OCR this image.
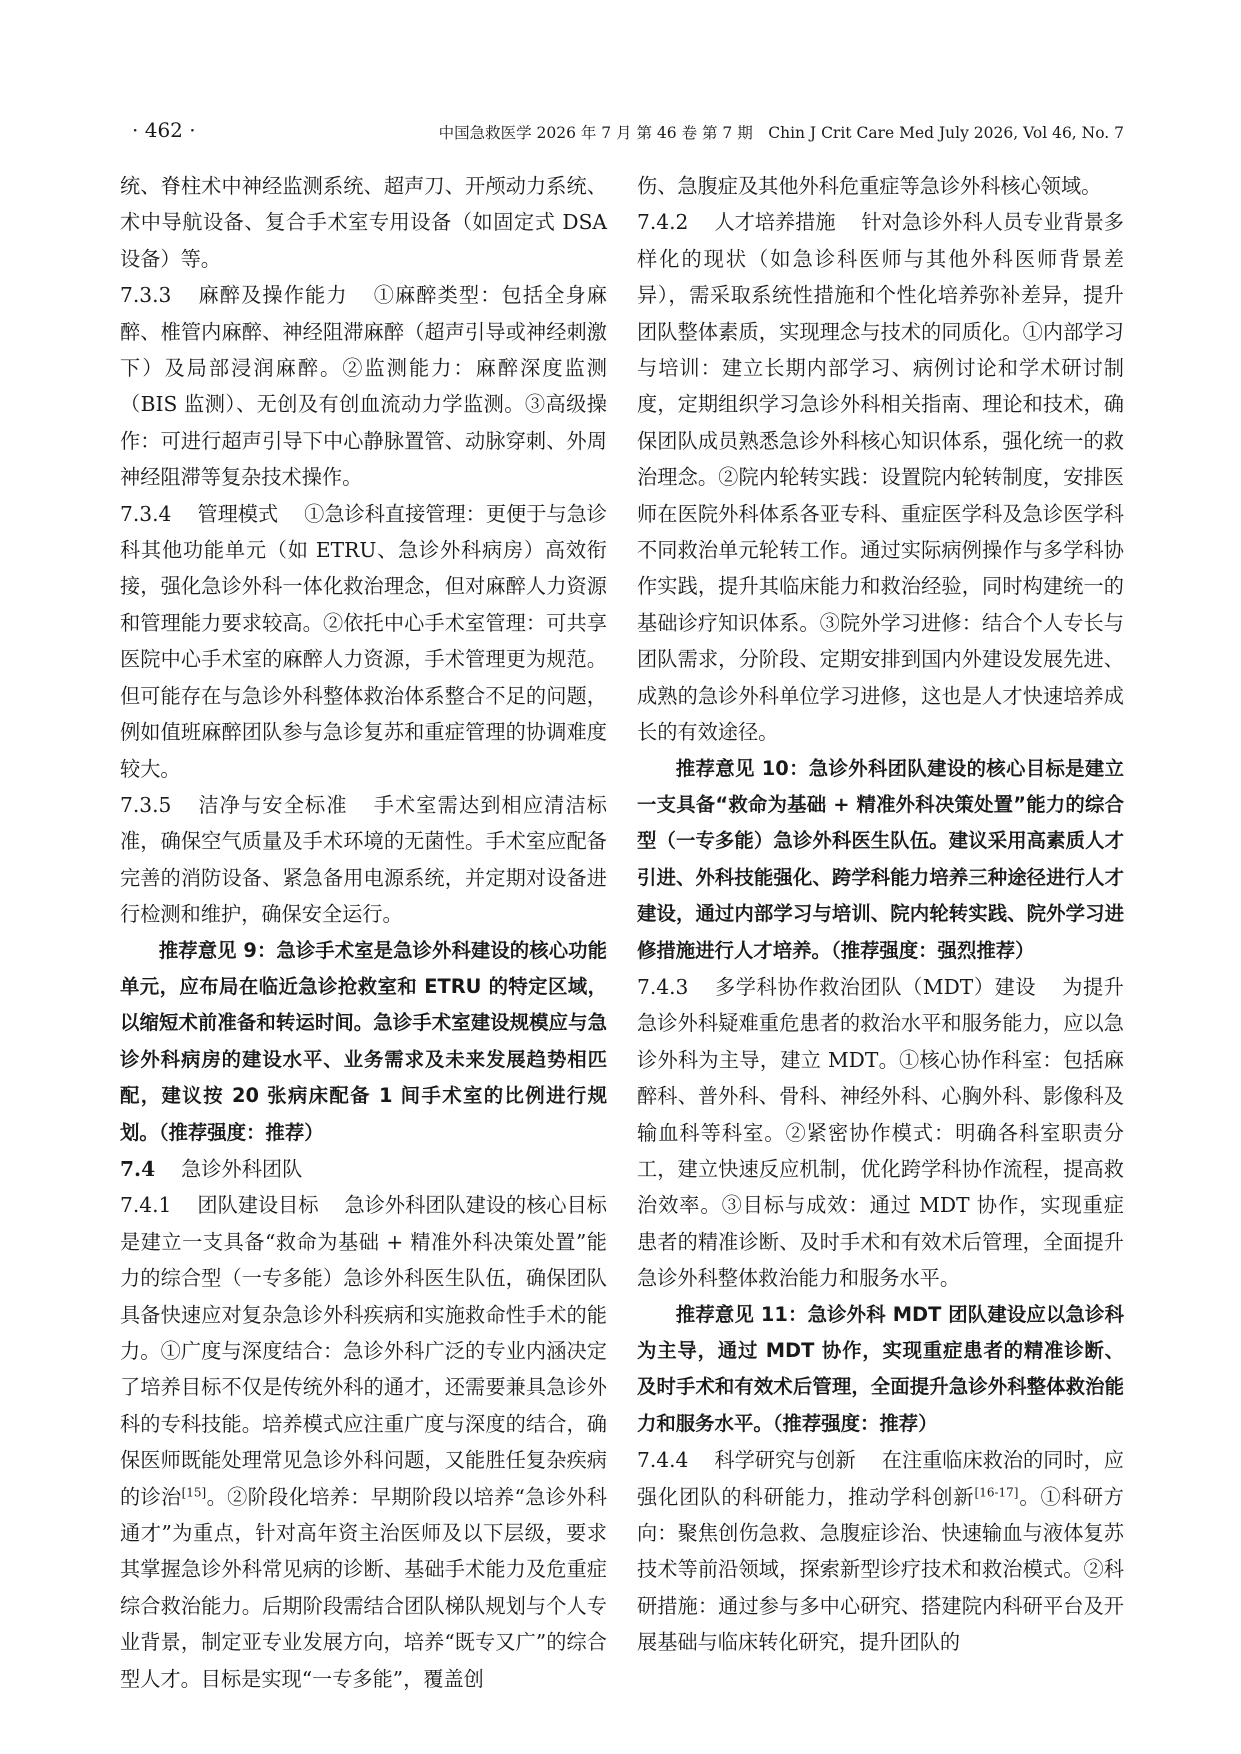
· 462 ·	中国急救医学 2026 年 7 月 第 46 卷 第 7 期　Chin J Crit Care Med July 2026, Vol 46, No. 7

统、脊柱术中神经监测系统、超声刀、开颅动力系统、术中导航设备、复合手术室专用设备（如固定式 DSA 设备）等。

7.3.3 麻醉及操作能力 ①麻醉类型：包括全身麻醉、椎管内麻醉、神经阻滞麻醉（超声引导或神经刺激下）及局部浸润麻醉。②监测能力：麻醉深度监测（BIS 监测）、无创及有创血流动力学监测。③高级操作：可进行超声引导下中心静脉置管、动脉穿刺、外周神经阻滞等复杂技术操作。

7.3.4 管理模式 ①急诊科直接管理：更便于与急诊科其他功能单元（如 ETRU、急诊外科病房）高效衔接，强化急诊外科一体化救治理念，但对麻醉人力资源和管理能力要求较高。②依托中心手术室管理：可共享医院中心手术室的麻醉人力资源，手术管理更为规范。但可能存在与急诊外科整体救治体系整合不足的问题，例如值班麻醉团队参与急诊复苏和重症管理的协调难度较大。

7.3.5 洁净与安全标准 手术室需达到相应清洁标准，确保空气质量及手术环境的无菌性。手术室应配备完善的消防设备、紧急备用电源系统，并定期对设备进行检测和维护，确保安全运行。

推荐意见 9：急诊手术室是急诊外科建设的核心功能单元，应布局在临近急诊抢救室和 ETRU 的特定区域，以缩短术前准备和转运时间。急诊手术室建设规模应与急诊外科病房的建设水平、业务需求及未来发展趋势相匹配，建议按 20 张病床配备 1 间手术室的比例进行规划。（推荐强度：推荐）

7.4 急诊外科团队

7.4.1 团队建设目标 急诊外科团队建设的核心目标是建立一支具备“救命为基础 + 精准外科决策处置”能力的综合型（一专多能）急诊外科医生队伍，确保团队具备快速应对复杂急诊外科疾病和实施救命性手术的能力。①广度与深度结合：急诊外科广泛的专业内涵决定了培养目标不仅是传统外科的通才，还需要兼具急诊外科的专科技能。培养模式应注重广度与深度的结合，确保医师既能处理常见急诊外科问题，又能胜任复杂疾病的诊治[15]。②阶段化培养：早期阶段以培养“急诊外科通才”为重点，针对高年资主治医师及以下层级，要求其掌握急诊外科常见病的诊断、基础手术能力及危重症综合救治能力。后期阶段需结合团队梯队规划与个人专业背景，制定亚专业发展方向，培养“既专又广”的综合型人才。目标是实现“一专多能”，覆盖创

伤、急腹症及其他外科危重症等急诊外科核心领域。

7.4.2 人才培养措施 针对急诊外科人员专业背景多样化的现状（如急诊科医师与其他外科医师背景差异），需采取系统性措施和个性化培养弥补差异，提升团队整体素质，实现理念与技术的同质化。①内部学习与培训：建立长期内部学习、病例讨论和学术研讨制度，定期组织学习急诊外科相关指南、理论和技术，确保团队成员熟悉急诊外科核心知识体系，强化统一的救治理念。②院内轮转实践：设置院内轮转制度，安排医师在医院外科体系各亚专科、重症医学科及急诊医学科不同救治单元轮转工作。通过实际病例操作与多学科协作实践，提升其临床能力和救治经验，同时构建统一的基础诊疗知识体系。③院外学习进修：结合个人专长与团队需求，分阶段、定期安排到国内外建设发展先进、成熟的急诊外科单位学习进修，这也是人才快速培养成长的有效途径。

推荐意见 10：急诊外科团队建设的核心目标是建立一支具备“救命为基础 + 精准外科决策处置”能力的综合型（一专多能）急诊外科医生队伍。建议采用高素质人才引进、外科技能强化、跨学科能力培养三种途径进行人才建设，通过内部学习与培训、院内轮转实践、院外学习进修措施进行人才培养。（推荐强度：强烈推荐）

7.4.3 多学科协作救治团队（MDT）建设 为提升急诊外科疑难重危患者的救治水平和服务能力，应以急诊外科为主导，建立 MDT。①核心协作科室：包括麻醉科、普外科、骨科、神经外科、心胸外科、影像科及输血科等科室。②紧密协作模式：明确各科室职责分工，建立快速反应机制，优化跨学科协作流程，提高救治效率。③目标与成效：通过 MDT 协作，实现重症患者的精准诊断、及时手术和有效术后管理，全面提升急诊外科整体救治能力和服务水平。

推荐意见 11：急诊外科 MDT 团队建设应以急诊科为主导，通过 MDT 协作，实现重症患者的精准诊断、及时手术和有效术后管理，全面提升急诊外科整体救治能力和服务水平。（推荐强度：推荐）

7.4.4 科学研究与创新 在注重临床救治的同时，应强化团队的科研能力，推动学科创新[16-17]。①科研方向：聚焦创伤急救、急腹症诊治、快速输血与液体复苏技术等前沿领域，探索新型诊疗技术和救治模式。②科研措施：通过参与多中心研究、搭建院内科研平台及开展基础与临床转化研究，提升团队的
